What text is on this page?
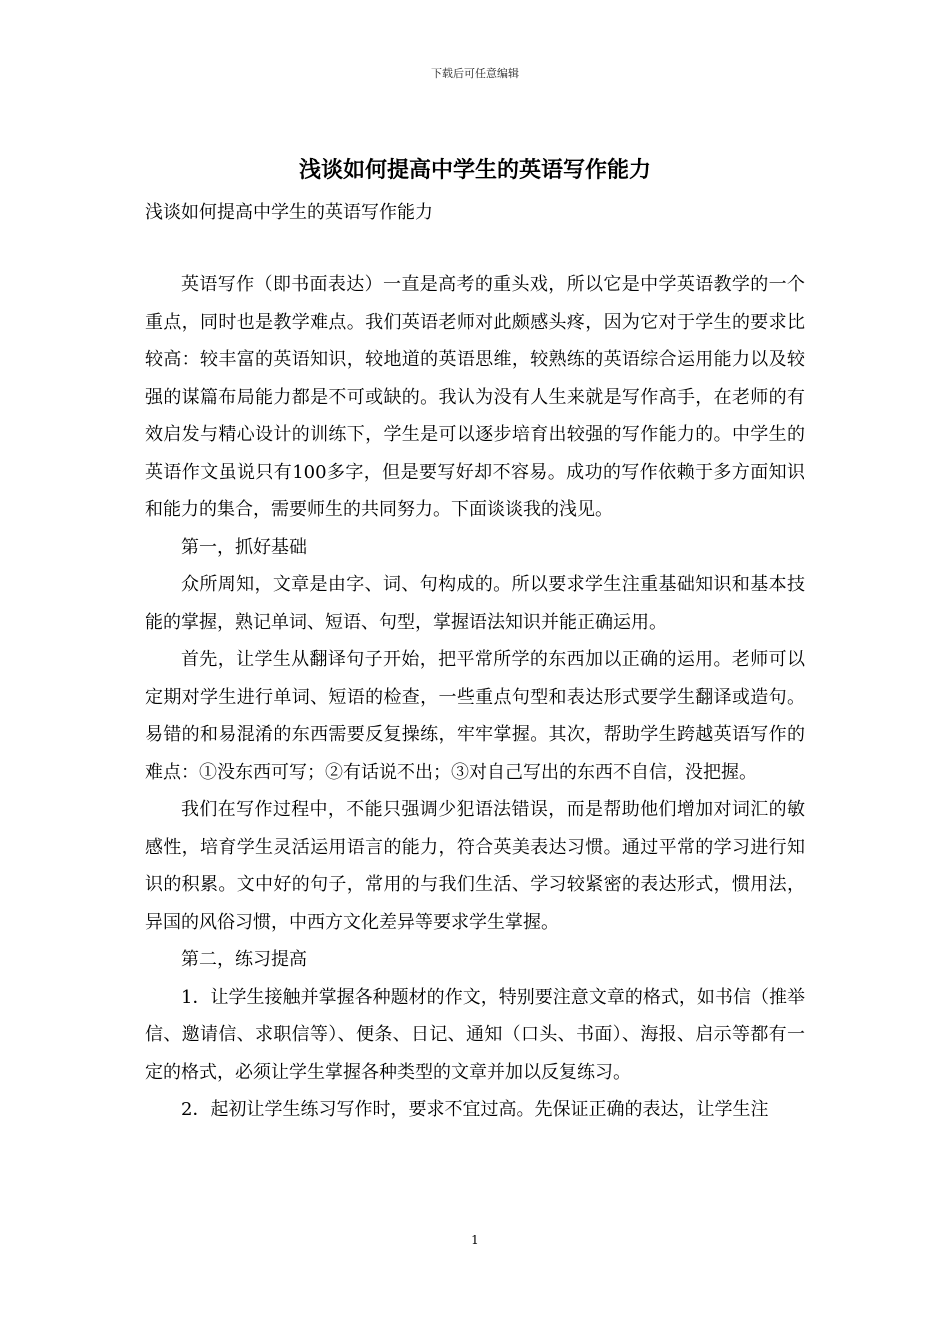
下载后可任意编辑
浅谈如何提高中学生的英语写作能力

浅谈如何提高中学生的英语写作能力

英语写作（即书面表达）一直是高考的重头戏，所以它是中学英语教学的一个重点，同时也是教学难点。我们英语老师对此颇感头疼，因为它对于学生的要求比较高：较丰富的英语知识，较地道的英语思维，较熟练的英语综合运用能力以及较强的谋篇布局能力都是不可或缺的。我认为没有人生来就是写作高手，在老师的有效启发与精心设计的训练下，学生是可以逐步培育出较强的写作能力的。中学生的英语作文虽说只有100多字，但是要写好却不容易。成功的写作依赖于多方面知识和能力的集合，需要师生的共同努力。下面谈谈我的浅见。

第一，抓好基础

众所周知，文章是由字、词、句构成的。所以要求学生注重基础知识和基本技能的掌握，熟记单词、短语、句型，掌握语法知识并能正确运用。

首先，让学生从翻译句子开始，把平常所学的东西加以正确的运用。老师可以定期对学生进行单词、短语的检查，一些重点句型和表达形式要学生翻译或造句。易错的和易混淆的东西需要反复操练，牢牢掌握。其次，帮助学生跨越英语写作的难点：①没东西可写；②有话说不出；③对自己写出的东西不自信，没把握。

我们在写作过程中，不能只强调少犯语法错误，而是帮助他们增加对词汇的敏感性，培育学生灵活运用语言的能力，符合英美表达习惯。通过平常的学习进行知识的积累。文中好的句子，常用的与我们生活、学习较紧密的表达形式，惯用法，异国的风俗习惯，中西方文化差异等要求学生掌握。

第二，练习提高

1．让学生接触并掌握各种题材的作文，特别要注意文章的格式，如书信（推举信、邀请信、求职信等）、便条、日记、通知（口头、书面）、海报、启示等都有一定的格式，必须让学生掌握各种类型的文章并加以反复练习。

2．起初让学生练习写作时，要求不宜过高。先保证正确的表达，让学生注

1
